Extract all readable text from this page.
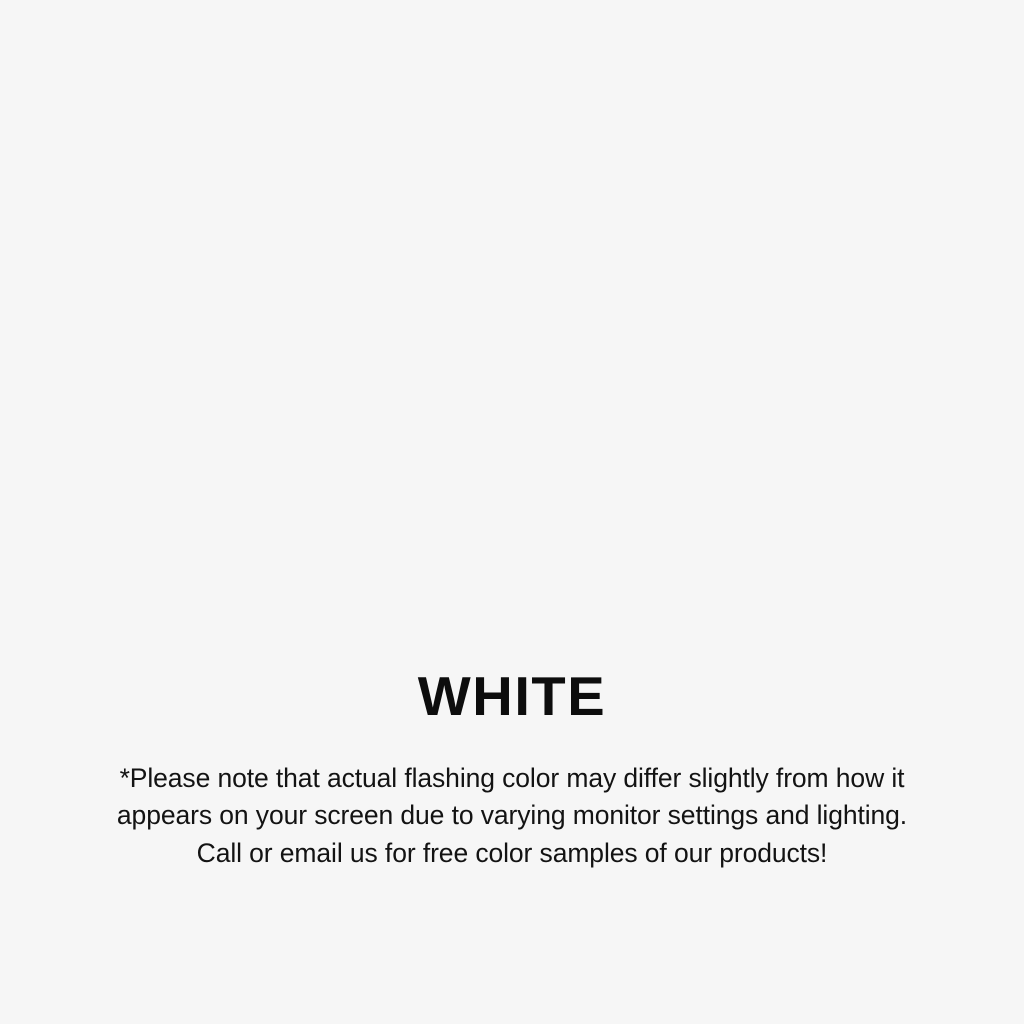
WHITE
*Please note that actual flashing color may differ slightly from how it
appears on your screen due to varying monitor settings and lighting.
Call or email us for free color samples of our products!
